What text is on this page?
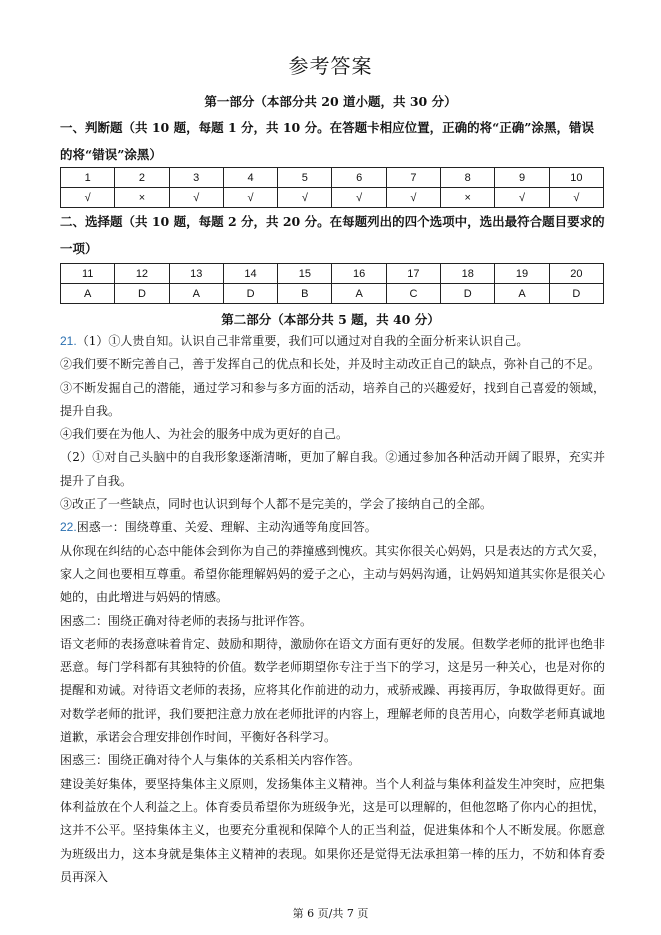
参考答案
第一部分（本部分共 20 道小题，共 30 分）
一、判断题（共 10 题，每题 1 分，共 10 分。在答题卡相应位置，正确的将“正确”涂黑，错误的将“错误”涂黑）
1	2	3	4	5	6	7	8	9	10
√	×	√	√	√	√	√	×	√	√
二、选择题（共 10 题，每题 2 分，共 20 分。在每题列出的四个选项中，选出最符合题目要求的一项）
11	12	13	14	15	16	17	18	19	20
A	D	A	D	B	A	C	D	A	D
第二部分（本部分共 5 题，共 40 分）

21.（1）①人贵自知。认识自己非常重要，我们可以通过对自我的全面分析来认识自己。

②我们要不断完善自己，善于发挥自己的优点和长处，并及时主动改正自己的缺点，弥补自己的不足。

③不断发掘自己的潜能，通过学习和参与多方面的活动，培养自己的兴趣爱好，找到自己喜爱的领域，提升自我。

④我们要在为他人、为社会的服务中成为更好的自己。

（2）①对自己头脑中的自我形象逐渐清晰，更加了解自我。②通过参加各种活动开阔了眼界，充实并提升了自我。

③改正了一些缺点，同时也认识到每个人都不是完美的，学会了接纳自己的全部。

22.困惑一：围绕尊重、关爱、理解、主动沟通等角度回答。

从你现在纠结的心态中能体会到你为自己的莽撞感到愧疚。其实你很关心妈妈，只是表达的方式欠妥，家人之间也要相互尊重。希望你能理解妈妈的爱子之心，主动与妈妈沟通，让妈妈知道其实你是很关心她的，由此增进与妈妈的情感。

困惑二：围绕正确对待老师的表扬与批评作答。

语文老师的表扬意味着肯定、鼓励和期待，激励你在语文方面有更好的发展。但数学老师的批评也绝非恶意。每门学科都有其独特的价值。数学老师期望你专注于当下的学习，这是另一种关心，也是对你的提醒和劝诫。对待语文老师的表扬，应将其化作前进的动力，戒骄戒躁、再接再厉，争取做得更好。面对数学老师的批评，我们要把注意力放在老师批评的内容上，理解老师的良苦用心，向数学老师真诚地道歉，承诺会合理安排创作时间，平衡好各科学习。

困惑三：围绕正确对待个人与集体的关系相关内容作答。

建设美好集体，要坚持集体主义原则，发扬集体主义精神。当个人利益与集体利益发生冲突时，应把集体利益放在个人利益之上。体育委员希望你为班级争光，这是可以理解的，但他忽略了你内心的担忧，这并不公平。坚持集体主义，也要充分重视和保障个人的正当利益，促进集体和个人不断发展。你愿意为班级出力，这本身就是集体主义精神的表现。如果你还是觉得无法承担第一棒的压力，不妨和体育委员再深入

第 6 页/共 7 页
